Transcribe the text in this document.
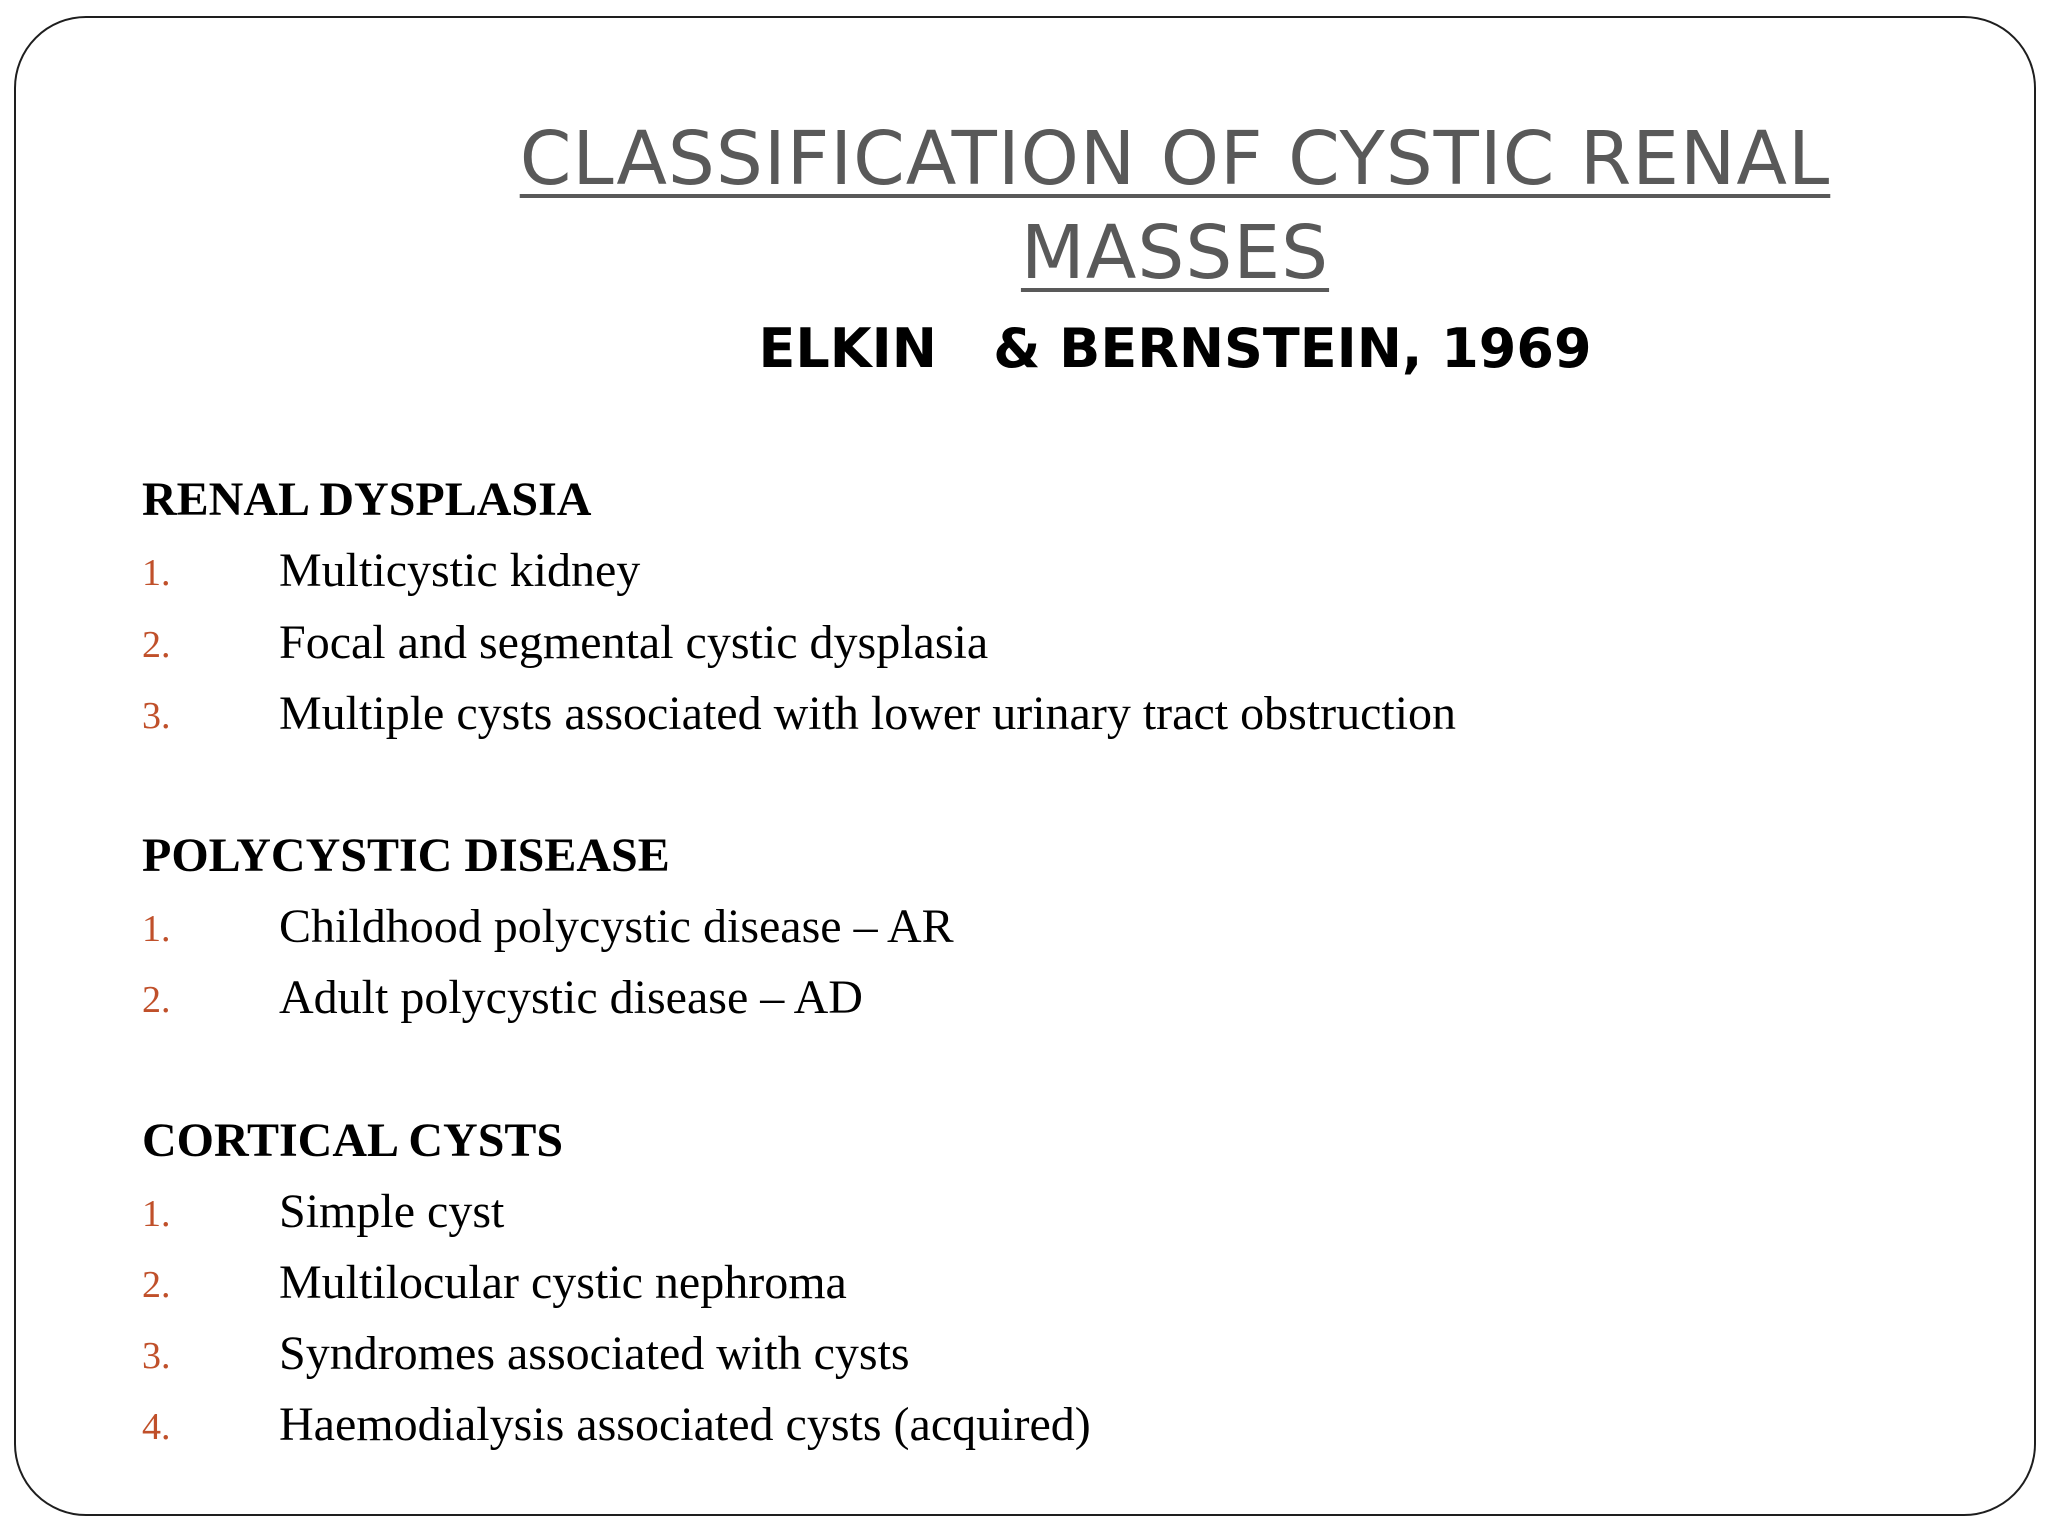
CLASSIFICATION OF CYSTIC RENAL
MASSES
ELKIN   & BERNSTEIN, 1969
RENAL DYSPLASIA
1. Multicystic kidney
2. Focal and segmental cystic dysplasia
3. Multiple cysts associated with lower urinary tract obstruction
POLYCYSTIC DISEASE
1. Childhood polycystic disease – AR
2. Adult polycystic disease – AD
CORTICAL CYSTS
1. Simple cyst
2. Multilocular cystic nephroma
3. Syndromes associated with cysts
4. Haemodialysis associated cysts (acquired)
